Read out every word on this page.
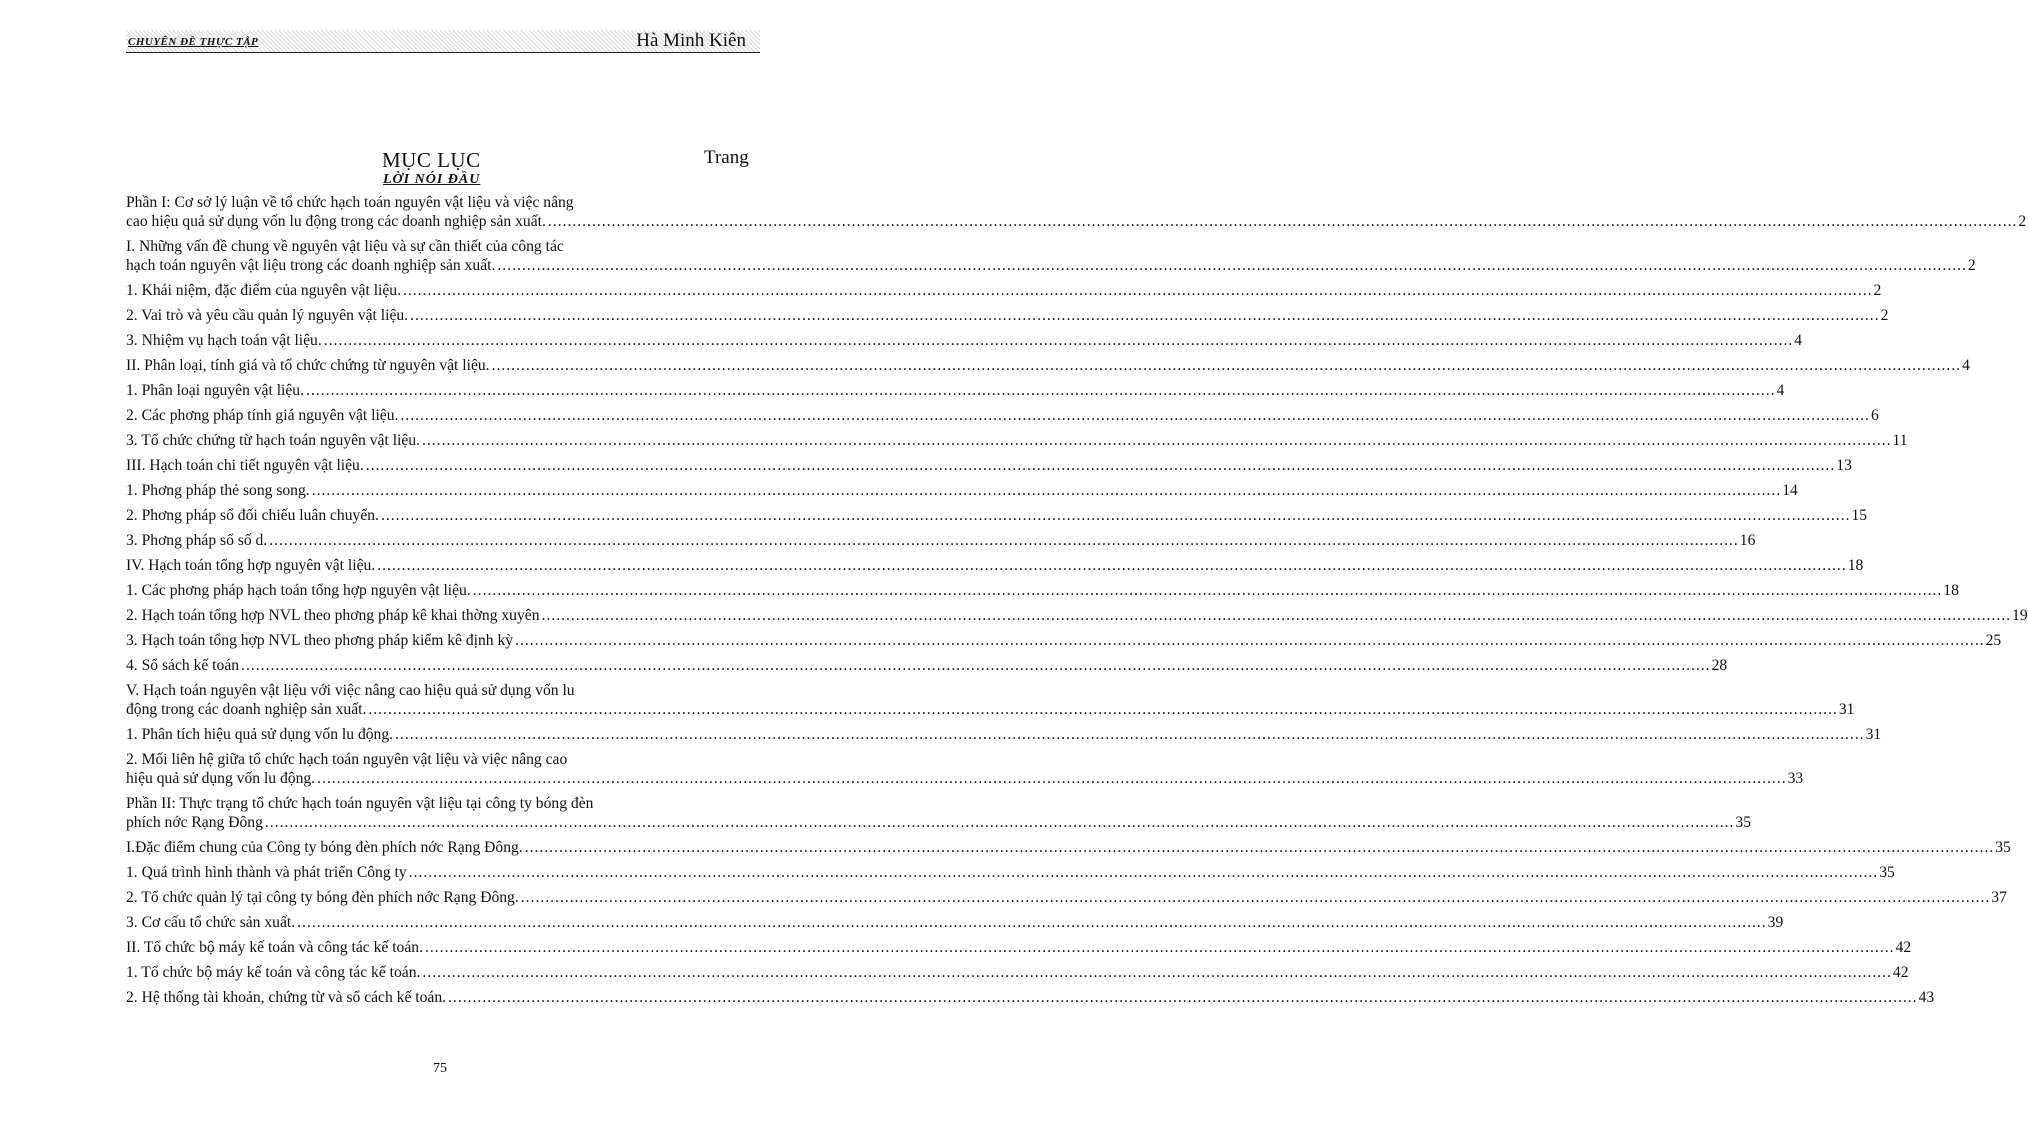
CHUYÊN ĐỀ THỰC TẬP	Hà Minh Kiên
MỤC LỤC	Trang
LỜI NÓI ĐẦU
Phần I: Cơ sở lý luận về tổ chức hạch toán nguyên vật liệu và việc nâng
cao hiệu quả sử dụng vốn lu động trong các doanh nghiệp sản xuất. ............................................................................................................................................................................................................................................................................................................ 2
I. Những vấn đề chung về nguyên vật liệu và sự cần thiết của công tác
hạch toán nguyên vật liệu trong các doanh nghiệp sản xuất. ............................................................................................................................................................................................................................................................................................................ 2
1. Khái niệm, đặc điểm của nguyên vật liệu. ............................................................................................................................................................................................................................................................................................................ 2
2. Vai trò và yêu cầu quản lý nguyên vật liệu. ............................................................................................................................................................................................................................................................................................................ 2
3. Nhiệm vụ hạch toán vật liệu. ............................................................................................................................................................................................................................................................................................................ 4
II. Phân loại, tính giá và tổ chức chứng từ nguyên vật liệu. ............................................................................................................................................................................................................................................................................................................ 4
1. Phân loại nguyên vật liệu. ............................................................................................................................................................................................................................................................................................................ 4
2. Các phơng pháp tính giá nguyên vật liệu. ............................................................................................................................................................................................................................................................................................................ 6
3. Tổ chức chứng từ hạch toán nguyên vật liệu. ............................................................................................................................................................................................................................................................................................................ 11
III. Hạch toán chi tiết nguyên vật liệu. ............................................................................................................................................................................................................................................................................................................ 13
1. Phơng pháp thẻ song song. ............................................................................................................................................................................................................................................................................................................ 14
2. Phơng pháp sổ đối chiếu luân chuyển. ............................................................................................................................................................................................................................................................................................................ 15
3. Phơng pháp sổ số d. ............................................................................................................................................................................................................................................................................................................ 16
IV. Hạch toán tổng hợp nguyên vật liệu. ............................................................................................................................................................................................................................................................................................................ 18
1. Các phơng pháp hạch toán tổng hợp nguyên vật liệu. ............................................................................................................................................................................................................................................................................................................ 18
2. Hạch toán tổng hợp NVL theo phơng pháp kê khai thờng xuyên ............................................................................................................................................................................................................................................................................................................ 19
3. Hạch toán tổng hợp NVL theo phơng pháp kiểm kê định kỳ ............................................................................................................................................................................................................................................................................................................ 25
4. Sổ sách kế toán ............................................................................................................................................................................................................................................................................................................ 28
V. Hạch toán nguyên vật liệu với việc nâng cao hiệu quả sử dụng vốn lu
động trong các doanh nghiệp sản xuất. ............................................................................................................................................................................................................................................................................................................ 31
1. Phân tích hiệu quả sử dụng vốn lu động. ............................................................................................................................................................................................................................................................................................................ 31
2. Mối liên hệ giữa tổ chức hạch toán nguyên vật liệu và việc nâng cao
hiệu quả sử dụng vốn lu động. ............................................................................................................................................................................................................................................................................................................ 33
Phần II: Thực trạng tổ chức hạch toán nguyên vật liệu tại công ty bóng đèn
phích nớc Rạng Đông ............................................................................................................................................................................................................................................................................................................ 35
I.Đặc điểm chung của Công ty bóng đèn phích nớc Rạng Đông. ............................................................................................................................................................................................................................................................................................................ 35
1. Quá trình hình thành và phát triển Công ty ............................................................................................................................................................................................................................................................................................................ 35
2. Tổ chức quản lý tại công ty bóng đèn phích nớc Rạng Đông. ............................................................................................................................................................................................................................................................................................................ 37
3. Cơ cấu tổ chức sản xuất. ............................................................................................................................................................................................................................................................................................................ 39
II. Tổ chức bộ máy kế toán và công tác kế toán. ............................................................................................................................................................................................................................................................................................................ 42
1. Tổ chức bộ máy kế toán và công tác kế toán. ............................................................................................................................................................................................................................................................................................................ 42
2. Hệ thống tài khoản, chứng từ và sổ cách kế toán. ............................................................................................................................................................................................................................................................................................................ 43
75
